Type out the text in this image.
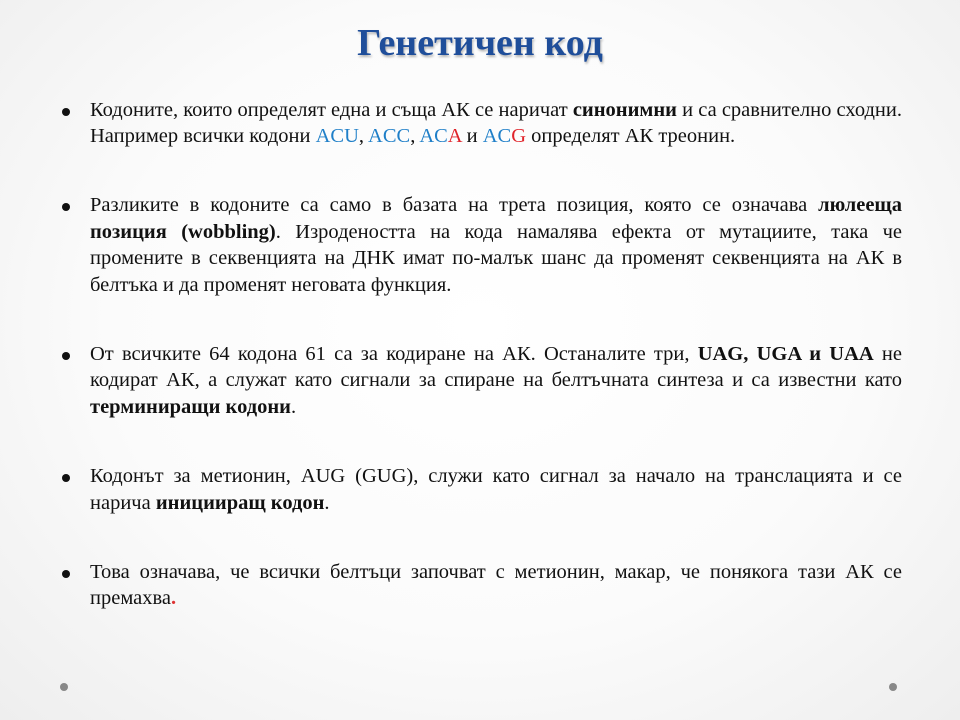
Генетичен код

Кодоните, които определят една и съща АК се наричат синонимни и са сравнително сходни. Например всички кодони ACU, ACC, ACA и ACG определят АК треонин.

Разликите в кодоните са само в базата на трета позиция, която се означава люлееща позиция (wobbling). Изродеността на кода намалява ефекта от мутациите, така че промените в секвенцията на ДНК имат по-малък шанс да променят секвенцията на АК в белтъка и да променят неговата функция.

От всичките 64 кодона 61 са за кодиране на АК. Останалите три, UAG, UGA и UAA не кодират АК, а служат като сигнали за спиране на белтъчната синтеза и са известни като терминиращи кодони.

Кодонът за метионин, AUG (GUG), служи като сигнал за начало на транслацията и се нарича иницииращ кодон.

Това означава, че всички белтъци започват с метионин, макар, че понякога тази АК се премахва.
